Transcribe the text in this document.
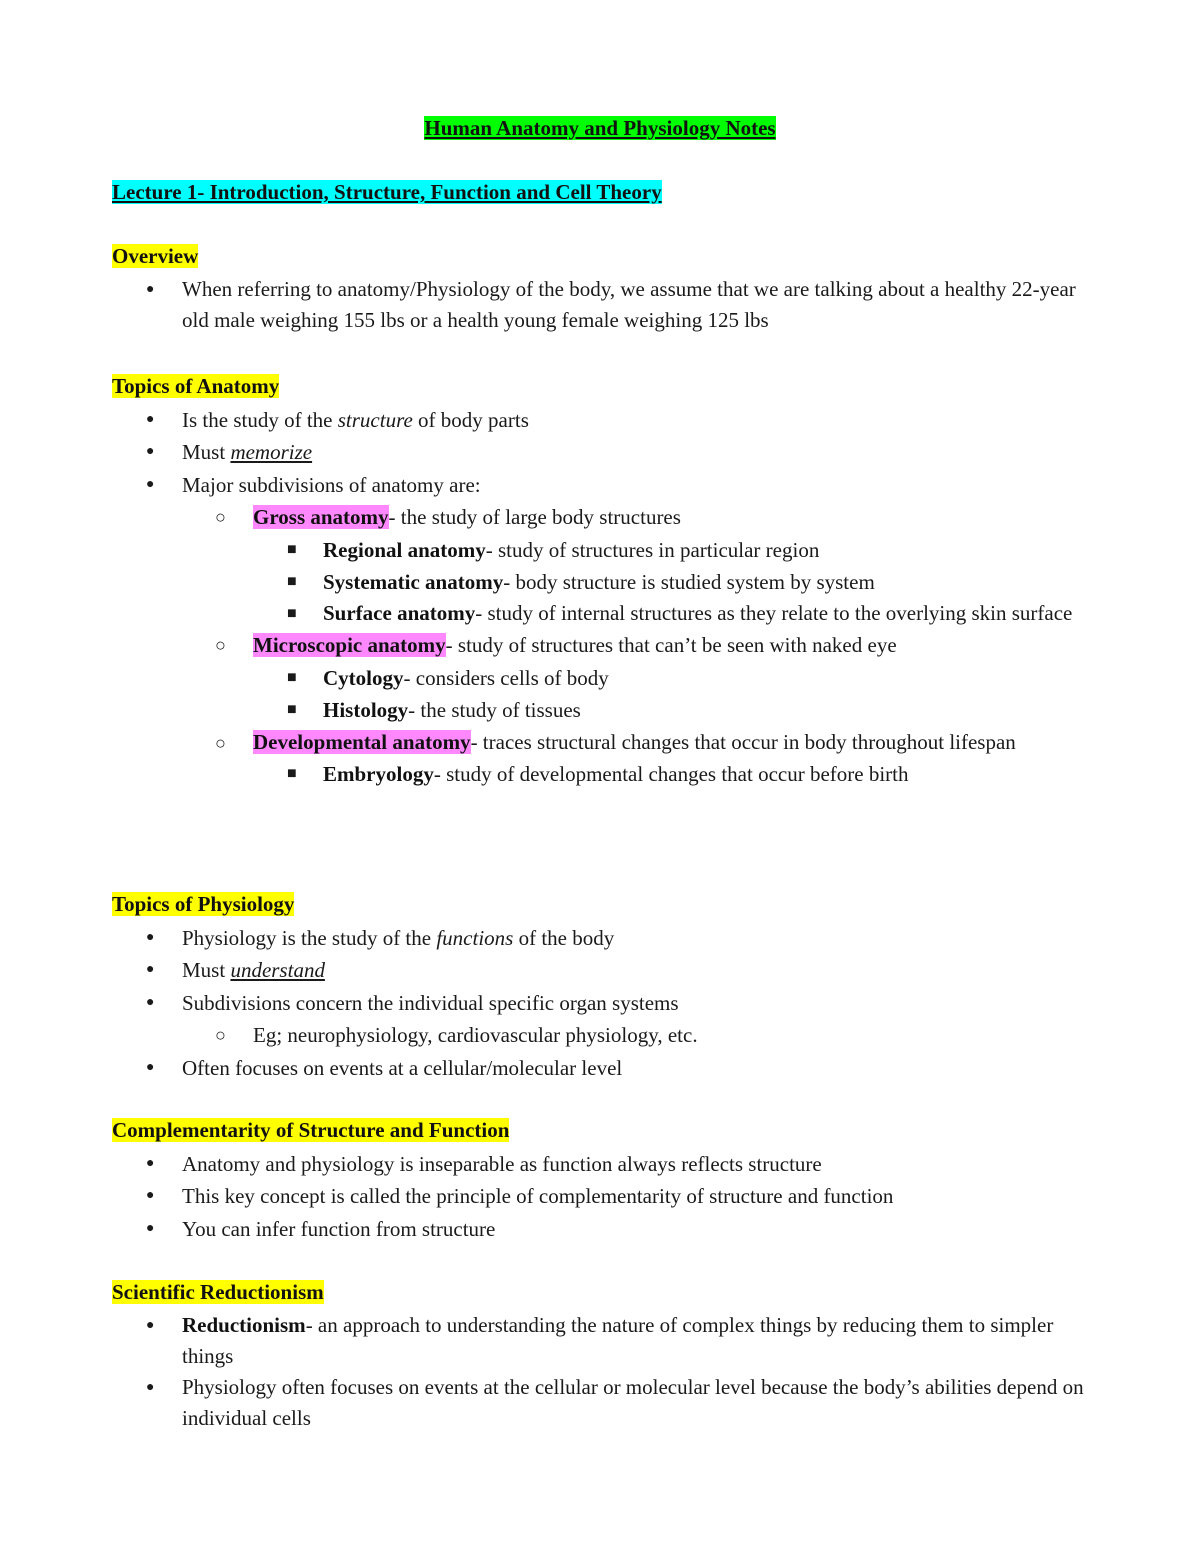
Human Anatomy and Physiology Notes
Lecture 1- Introduction, Structure, Function and Cell Theory
Overview
● When referring to anatomy/Physiology of the body, we assume that we are talking about a healthy 22-year old male weighing 155 lbs or a health young female weighing 125 lbs
Topics of Anatomy
● Is the study of the structure of body parts
● Must memorize
● Major subdivisions of anatomy are:
○ Gross anatomy- the study of large body structures
■ Regional anatomy- study of structures in particular region
■ Systematic anatomy- body structure is studied system by system
■ Surface anatomy- study of internal structures as they relate to the overlying skin surface
○ Microscopic anatomy- study of structures that can’t be seen with naked eye
■ Cytology- considers cells of body
■ Histology- the study of tissues
○ Developmental anatomy- traces structural changes that occur in body throughout lifespan
■ Embryology- study of developmental changes that occur before birth
Topics of Physiology
● Physiology is the study of the functions of the body
● Must understand
● Subdivisions concern the individual specific organ systems
○ Eg; neurophysiology, cardiovascular physiology, etc.
● Often focuses on events at a cellular/molecular level
Complementarity of Structure and Function
● Anatomy and physiology is inseparable as function always reflects structure
● This key concept is called the principle of complementarity of structure and function
● You can infer function from structure
Scientific Reductionism
● Reductionism- an approach to understanding the nature of complex things by reducing them to simpler things
● Physiology often focuses on events at the cellular or molecular level because the body’s abilities depend on individual cells
